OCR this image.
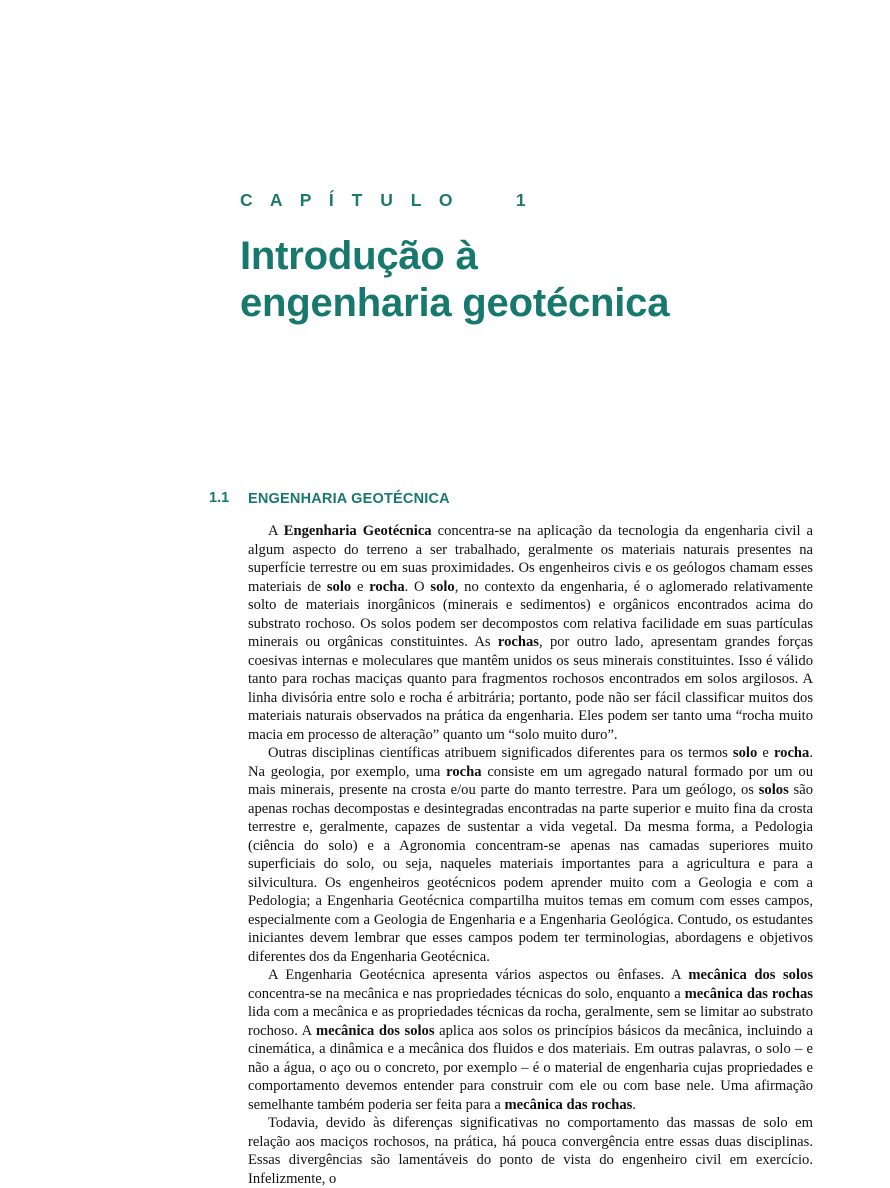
C A P Í T U L O     1
Introdução à
engenharia geotécnica
1.1 ENGENHARIA GEOTÉCNICA

A Engenharia Geotécnica concentra-se na aplicação da tecnologia da engenharia civil a algum aspecto do terreno a ser trabalhado, geralmente os materiais naturais presentes na superfície terrestre ou em suas proximidades. Os engenheiros civis e os geólogos chamam esses materiais de solo e rocha. O solo, no contexto da engenharia, é o aglomerado relativamente solto de materiais inorgânicos (minerais e sedimentos) e orgânicos encontrados acima do substrato rochoso. Os solos podem ser decompostos com relativa facilidade em suas partículas minerais ou orgânicas constituintes. As rochas, por outro lado, apresentam grandes forças coesivas internas e moleculares que mantêm unidos os seus minerais constituintes. Isso é válido tanto para rochas maciças quanto para fragmentos rochosos encontrados em solos argilosos. A linha divisória entre solo e rocha é arbitrária; portanto, pode não ser fácil classificar muitos dos materiais naturais observados na prática da engenharia. Eles podem ser tanto uma “rocha muito macia em processo de alteração” quanto um “solo muito duro”.

Outras disciplinas científicas atribuem significados diferentes para os termos solo e rocha. Na geologia, por exemplo, uma rocha consiste em um agregado natural formado por um ou mais minerais, presente na crosta e/ou parte do manto terrestre. Para um geólogo, os solos são apenas rochas decompostas e desintegradas encontradas na parte superior e muito fina da crosta terrestre e, geralmente, capazes de sustentar a vida vegetal. Da mesma forma, a Pedologia (ciência do solo) e a Agronomia concentram-se apenas nas camadas superiores muito superficiais do solo, ou seja, naqueles materiais importantes para a agricultura e para a silvicultura. Os engenheiros geotécnicos podem aprender muito com a Geologia e com a Pedologia; a Engenharia Geotécnica compartilha muitos temas em comum com esses campos, especialmente com a Geologia de Engenharia e a Engenharia Geológica. Contudo, os estudantes iniciantes devem lembrar que esses campos podem ter terminologias, abordagens e objetivos diferentes dos da Engenharia Geotécnica.

A Engenharia Geotécnica apresenta vários aspectos ou ênfases. A mecânica dos solos concentra-se na mecânica e nas propriedades técnicas do solo, enquanto a mecânica das rochas lida com a mecânica e as propriedades técnicas da rocha, geralmente, sem se limitar ao substrato rochoso. A mecânica dos solos aplica aos solos os princípios básicos da mecânica, incluindo a cinemática, a dinâmica e a mecânica dos fluidos e dos materiais. Em outras palavras, o solo – e não a água, o aço ou o concreto, por exemplo – é o material de engenharia cujas propriedades e comportamento devemos entender para construir com ele ou com base nele. Uma afirmação semelhante também poderia ser feita para a mecânica das rochas.

Todavia, devido às diferenças significativas no comportamento das massas de solo em relação aos maciços rochosos, na prática, há pouca convergência entre essas duas disciplinas. Essas divergências são lamentáveis do ponto de vista do engenheiro civil em exercício. Infelizmente, o
